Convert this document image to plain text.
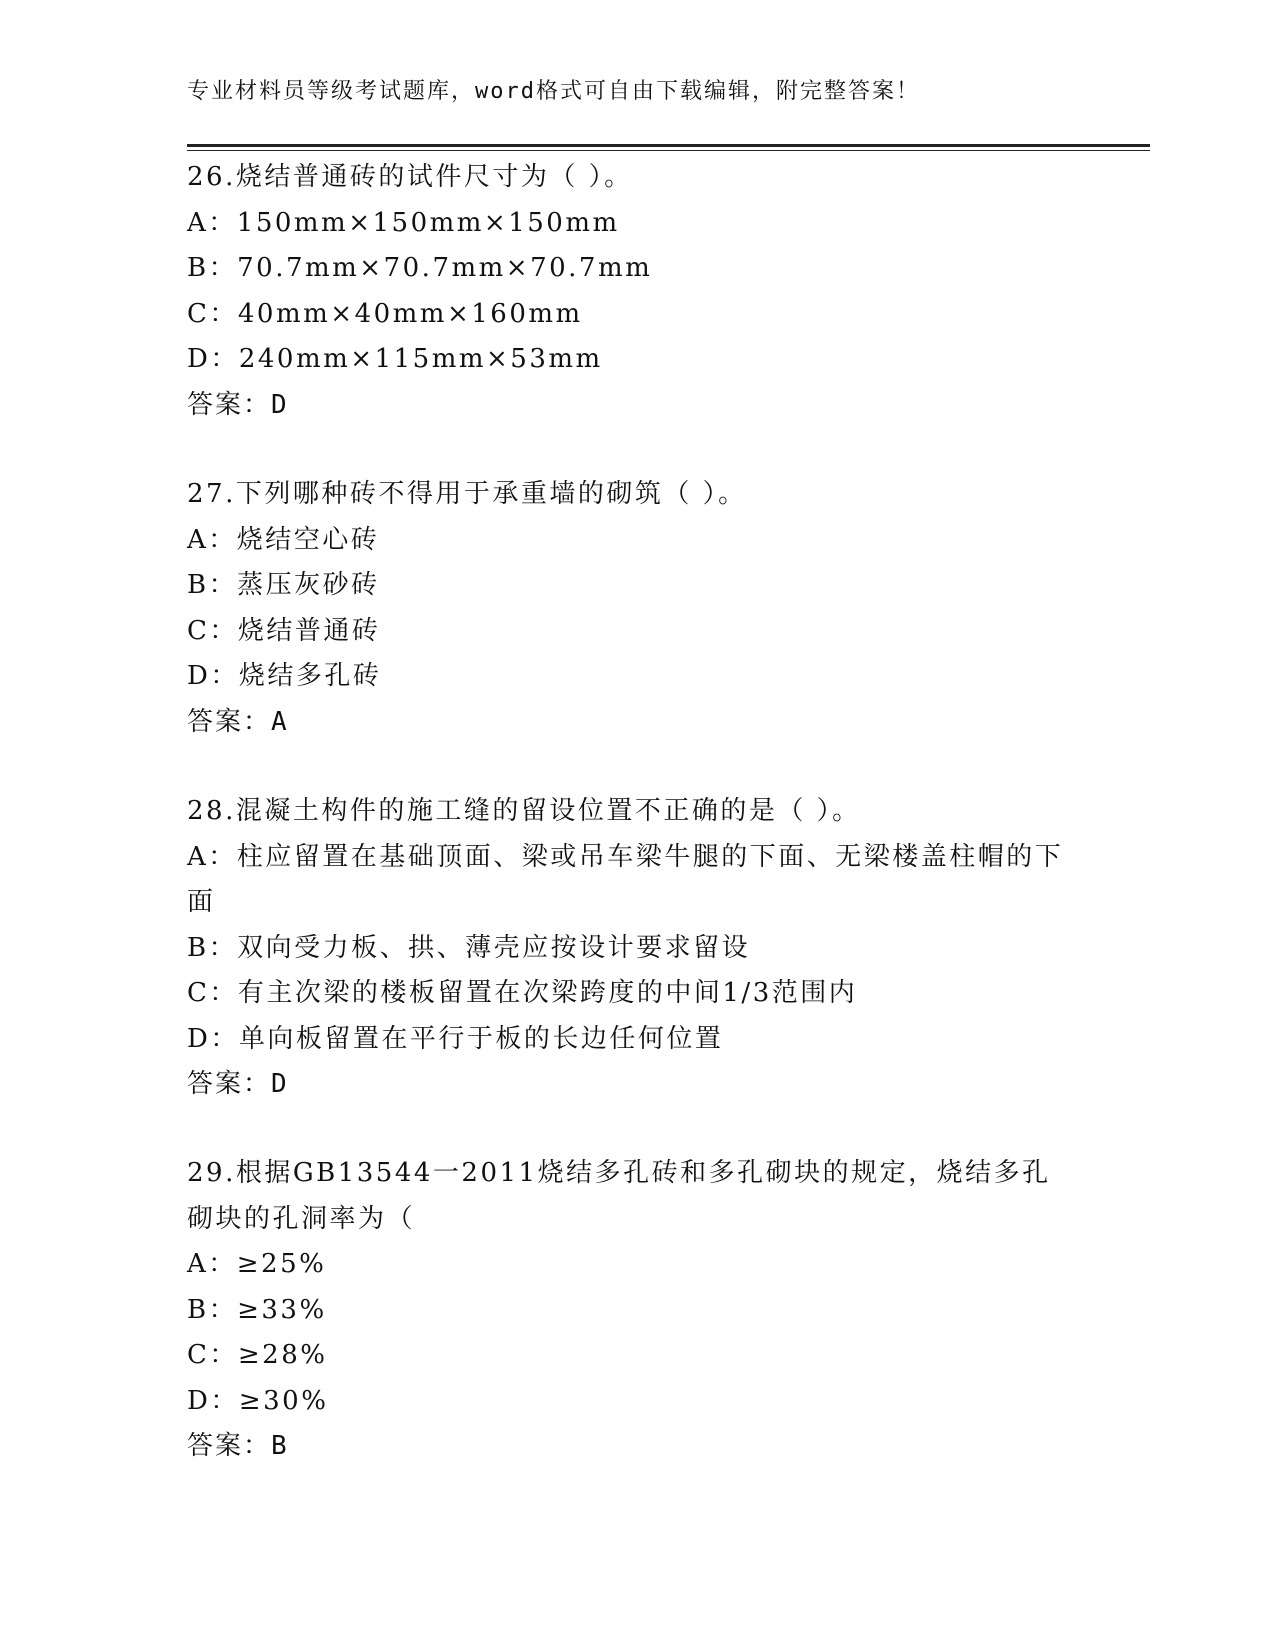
专业材料员等级考试题库，word格式可自由下载编辑，附完整答案！
26.烧结普通砖的试件尺寸为（ ）。
A：150mm×150mm×150mm
B：70.7mm×70.7mm×70.7mm
C：40mm×40mm×160mm
D：240mm×115mm×53mm
答案：D
27.下列哪种砖不得用于承重墙的砌筑（ ）。
A：烧结空心砖
B：蒸压灰砂砖
C：烧结普通砖
D：烧结多孔砖
答案：A
28.混凝土构件的施工缝的留设位置不正确的是（ ）。
A：柱应留置在基础顶面、梁或吊车梁牛腿的下面、无梁楼盖柱帽的下面
B：双向受力板、拱、薄壳应按设计要求留设
C：有主次梁的楼板留置在次梁跨度的中间1/3范围内
D：单向板留置在平行于板的长边任何位置
答案：D
29.根据GB13544一2011烧结多孔砖和多孔砌块的规定，烧结多孔砌块的孔洞率为（
A：≥25%
B：≥33%
C：≥28%
D：≥30%
答案：B
